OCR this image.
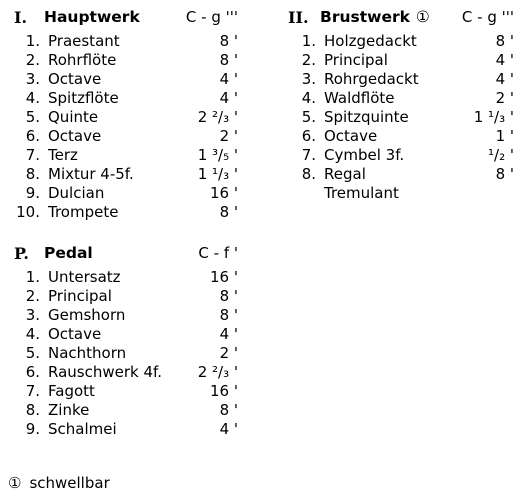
I. Hauptwerk	C - g '''
1. Praestant	8 '
2. Rohrflöte	8 '
3. Octave	4 '
4. Spitzflöte	4 '
5. Quinte	2 ²/₃ '
6. Octave	2 '
7. Terz	1 ³/₅ '
8. Mixtur 4-5f.	1 ¹/₃ '
9. Dulcian	16 '
10. Trompete	8 '
II. Brustwerk ① C - g '''
1. Holzgedackt	8 '
2. Principal	4 '
3. Rohrgedackt	4 '
4. Waldflöte	2 '
5. Spitzquinte	1 ¹/₃ '
6. Octave	1 '
7. Cymbel 3f.	¹/₂ '
8. Regal	8 '
Tremulant
P. Pedal	C - f '
1. Untersatz	16 '
2. Principal	8 '
3. Gemshorn	8 '
4. Octave	4 '
5. Nachthorn	2 '
6. Rauschwerk 4f. 2 ²/₃ '
7. Fagott	16 '
8. Zinke	8 '
9. Schalmei	4 '
① schwellbar
